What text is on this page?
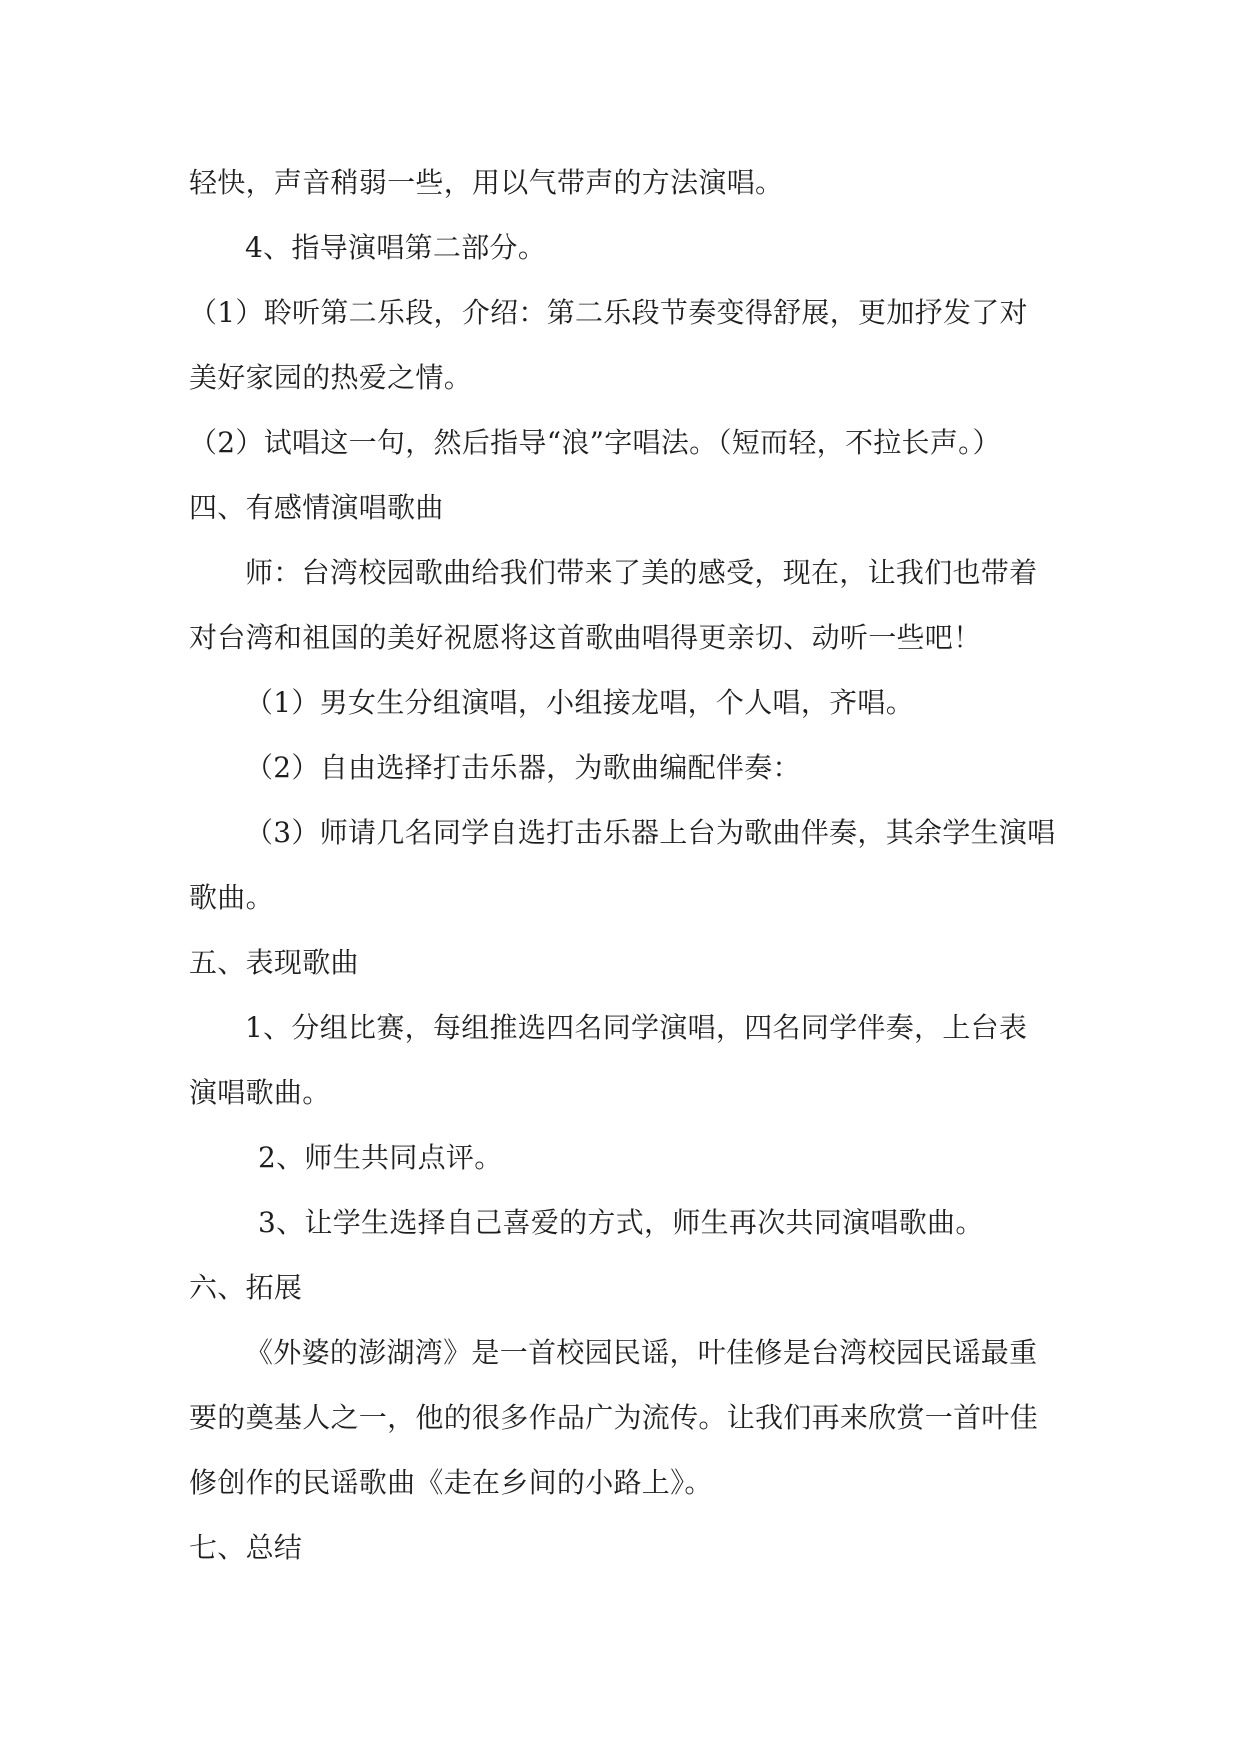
轻快，声音稍弱一些，用以气带声的方法演唱。
4、指导演唱第二部分。
（1）聆听第二乐段，介绍：第二乐段节奏变得舒展，更加抒发了对
美好家园的热爱之情。
（2）试唱这一句，然后指导“浪”字唱法。（短而轻，不拉长声。）
四、有感情演唱歌曲
师：台湾校园歌曲给我们带来了美的感受，现在，让我们也带着
对台湾和祖国的美好祝愿将这首歌曲唱得更亲切、动听一些吧！
（1）男女生分组演唱，小组接龙唱，个人唱，齐唱。
（2）自由选择打击乐器，为歌曲编配伴奏：
（3）师请几名同学自选打击乐器上台为歌曲伴奏，其余学生演唱
歌曲。
五、表现歌曲
1、分组比赛，每组推选四名同学演唱，四名同学伴奏，上台表
演唱歌曲。
2、师生共同点评。
3、让学生选择自己喜爱的方式，师生再次共同演唱歌曲。
六、拓展
《外婆的澎湖湾》是一首校园民谣，叶佳修是台湾校园民谣最重
要的奠基人之一，他的很多作品广为流传。让我们再来欣赏一首叶佳
修创作的民谣歌曲《走在乡间的小路上》。
七、总结
